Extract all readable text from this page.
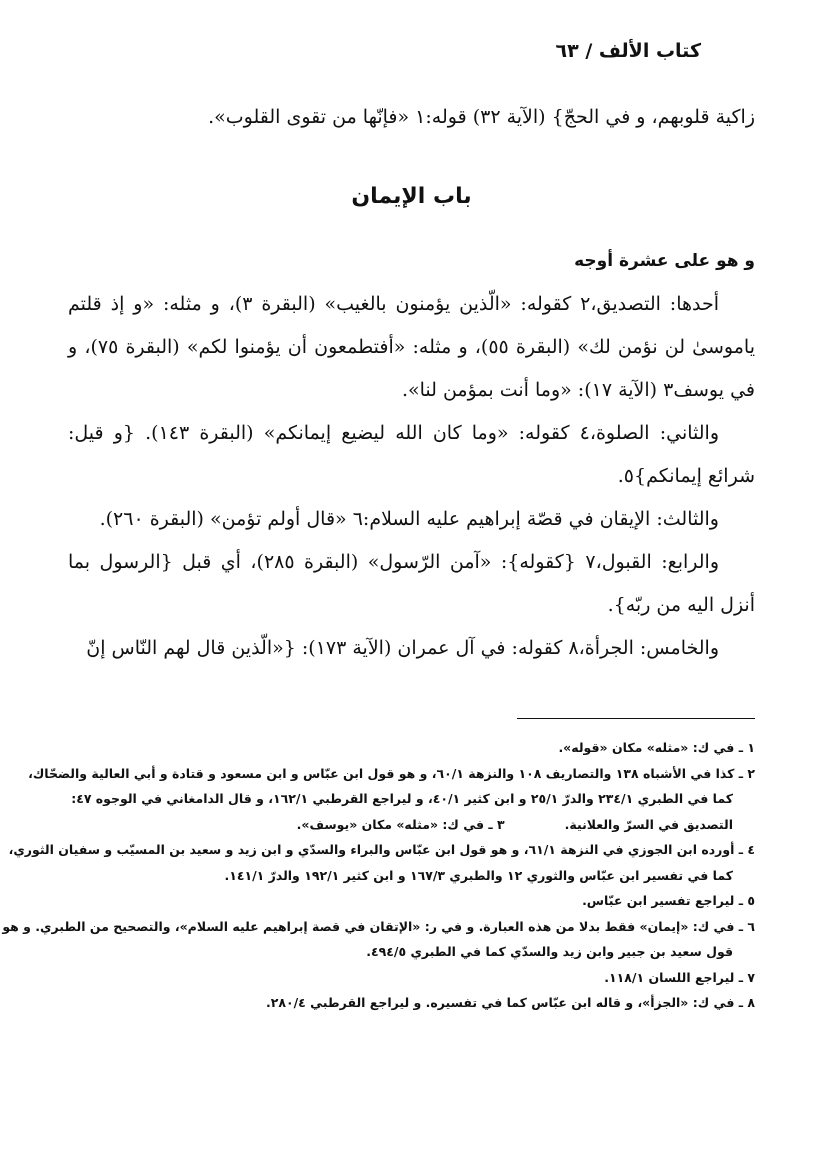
كتاب الألف / ٦٣

زاكية قلوبهم، و في الحجّ} (الآية ٣٢) قوله:١ «فإنّها من تقوى القلوب».

باب الإيمان

و هو على عشرة أوجه

أحدها: التصديق،٢ كقوله: «الّذين يؤمنون بالغيب» (البقرة ٣)، و مثله: «و إذ قلتم ياموسىٰ لن نؤمن لك» (البقرة ٥٥)، و مثله: «أفتطمعون أن يؤمنوا لكم» (البقرة ٧٥)، و في يوسف٣ (الآية ١٧): «وما أنت بمؤمن لنا».

والثاني: الصلوة،٤ كقوله: «وما كان الله ليضيع إيمانكم» (البقرة ١٤٣). {و قيل: شرائع إيمانكم}٥.

والثالث: الإيقان في قصّة إبراهيم عليه السلام:٦ «قال أولم تؤمن» (البقرة ٢٦٠).

والرابع: القبول،٧ {كقوله}: «آمن الرّسول» (البقرة ٢٨٥)، أي قبل {الرسول بما أنزل اليه من ربّه}.

والخامس: الجرأة،٨ كقوله: في آل عمران (الآية ١٧٣): {«الّذين قال لهم النّاس إنّ

١ ـ في ك: «مثله» مكان «قوله».

٢ ـ كذا في الأشباه ١٣٨ والتصاريف ١٠٨ والنزهة ٦٠/١، و هو قول ابن عبّاس و ابن مسعود و قتادة و أبي العالية والضحّاك،

كما في الطبري ٢٣٤/١ والدرّ ٢٥/١ و ابن كثير ٤٠/١، و ليراجع القرطبي ١٦٢/١، و قال الدامغاني في الوجوه ٤٧:

التصديق في السرّ والعلانية.
٣ ـ في ك: «مثله» مكان «يوسف».

٤ ـ أورده ابن الجوزي في النزهة ٦١/١، و هو قول ابن عبّاس والبراء والسدّي و ابن زيد و سعيد بن المسيّب و سفيان الثوري،

كما في تفسير ابن عبّاس والثوري ١٢ والطبري ١٦٧/٣ و ابن كثير ١٩٢/١ والدرّ ١٤١/١.

٥ ـ ليراجع تفسير ابن عبّاس.

٦ ـ في ك: «إيمان» فقط بدلا من هذه العبارة. و في ر: «الإتقان في قصة إبراهيم عليه السلام»، والتصحيح من الطبري. و هو

قول سعيد بن جبير وابن زيد والسدّي كما في الطبري ٤٩٤/٥.

٧ ـ ليراجع اللسان ١١٨/١.

٨ ـ في ك: «الجزأ»، و قاله ابن عبّاس كما في تفسيره. و ليراجع القرطبي ٢٨٠/٤.
